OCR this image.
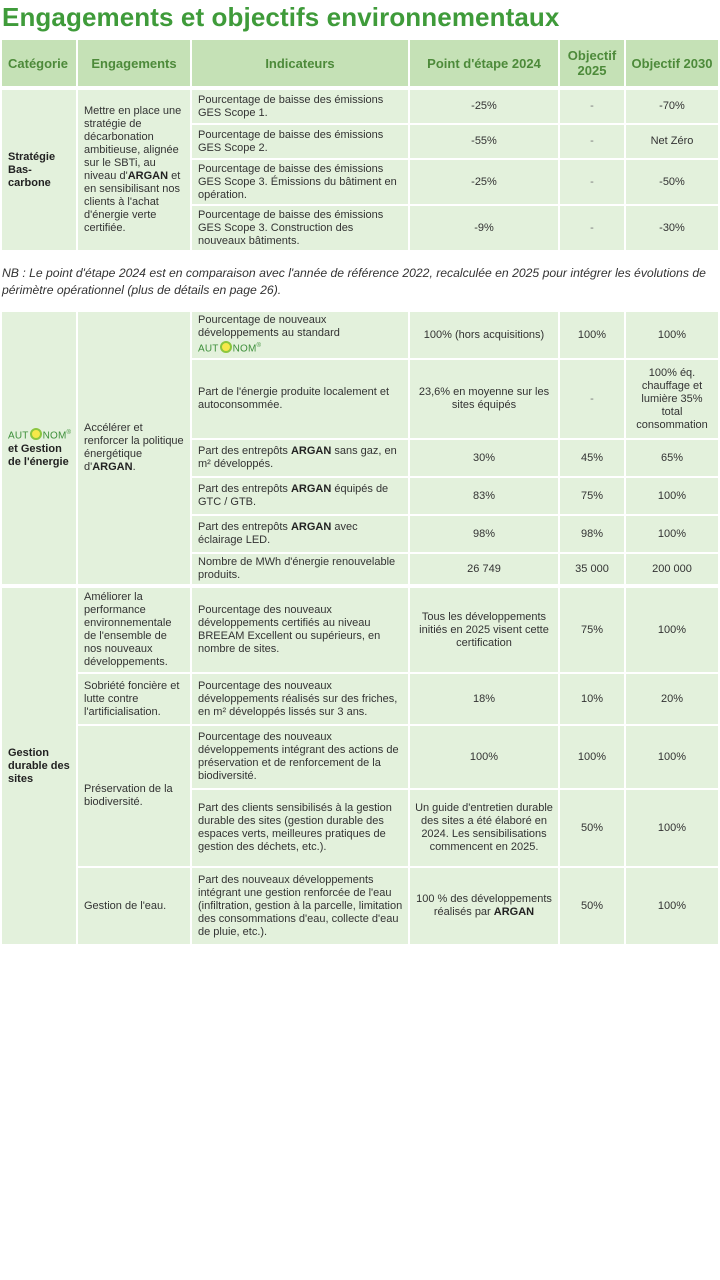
Engagements et objectifs environnementaux
Catégorie	Engagements	Indicateurs	Point d'étape 2024	Objectif 2025	Objectif 2030

Stratégie Bas-carbone	Mettre en place une stratégie de décarbonation ambitieuse, alignée sur le SBTi, au niveau d'ARGAN et en sensibilisant nos clients à l'achat d'énergie verte certifiée.	Pourcentage de baisse des émissions GES Scope 1.	-25%	-	-70%
		Pourcentage de baisse des émissions GES Scope 2.	-55%	-	Net Zéro
		Pourcentage de baisse des émissions GES Scope 3. Émissions du bâtiment en opération.	-25%	-	-50%
		Pourcentage de baisse des émissions GES Scope 3. Construction des nouveaux bâtiments.	-9%	-	-30%

NB : Le point d'étape 2024 est en comparaison avec l'année de référence 2022, recalculée en 2025 pour intégrer les évolutions de périmètre opérationnel (plus de détails en page 26).

AUT NOM®
et Gestion de l'énergie	Accélérer et renforcer la politique énergétique d'ARGAN.	Pourcentage de nouveaux développements au standard AUT NOM®	100% (hors acquisitions)	100%	100%
		Part de l'énergie produite localement et autoconsommée.	23,6% en moyenne sur les sites équipés	-	100% éq. chauffage et lumière 35% total consommation
		Part des entrepôts ARGAN sans gaz, en m² développés.	30%	45%	65%
		Part des entrepôts ARGAN équipés de GTC / GTB.	83%	75%	100%
		Part des entrepôts ARGAN avec éclairage LED.	98%	98%	100%
		Nombre de MWh d'énergie renouvelable produits.	26 749	35 000	200 000

Gestion durable des sites	Améliorer la performance environnementale de l'ensemble de nos nouveaux développements.	Pourcentage des nouveaux développements certifiés au niveau BREEAM Excellent ou supérieurs, en nombre de sites.	Tous les développements initiés en 2025 visent cette certification	75%	100%
	Sobriété foncière et lutte contre l'artificialisation.	Pourcentage des nouveaux développements réalisés sur des friches, en m² développés lissés sur 3 ans.	18%	10%	20%
	Préservation de la biodiversité.	Pourcentage des nouveaux développements intégrant des actions de préservation et de renforcement de la biodiversité.	100%	100%	100%
		Part des clients sensibilisés à la gestion durable des sites (gestion durable des espaces verts, meilleures pratiques de gestion des déchets, etc.).	Un guide d'entretien durable des sites a été élaboré en 2024. Les sensibilisations commencent en 2025.	50%	100%
	Gestion de l'eau.	Part des nouveaux développements intégrant une gestion renforcée de l'eau (infiltration, gestion à la parcelle, limitation des consommations d'eau, collecte d'eau de pluie, etc.).	100 % des développements réalisés par ARGAN	50%	100%
